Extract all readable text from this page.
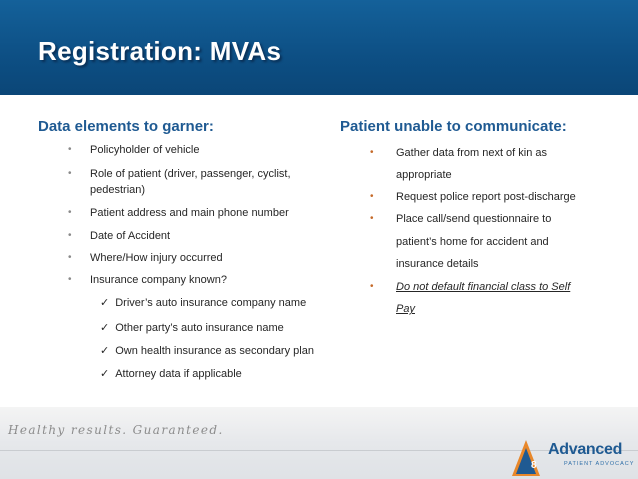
Registration: MVAs
Data elements to garner:
•	Policyholder of vehicle
•	Role of patient (driver, passenger, cyclist, pedestrian)
•	Patient address and main phone number
•	Date of Accident
•	Where/How injury occurred
•	Insurance company known?
✓ Driver’s auto insurance company name
✓ Other party’s auto insurance name
✓ Own health insurance as secondary plan
✓ Attorney data if applicable
Patient unable to communicate:
• Gather data from next of kin as
appropriate
• Request police report post-discharge
• Place call/send questionnaire to
patient’s home for accident and
insurance details
• Do not default financial class to Self
Pay
Healthy results. Guaranteed.
8
Advanced
PATIENT ADVOCACY
